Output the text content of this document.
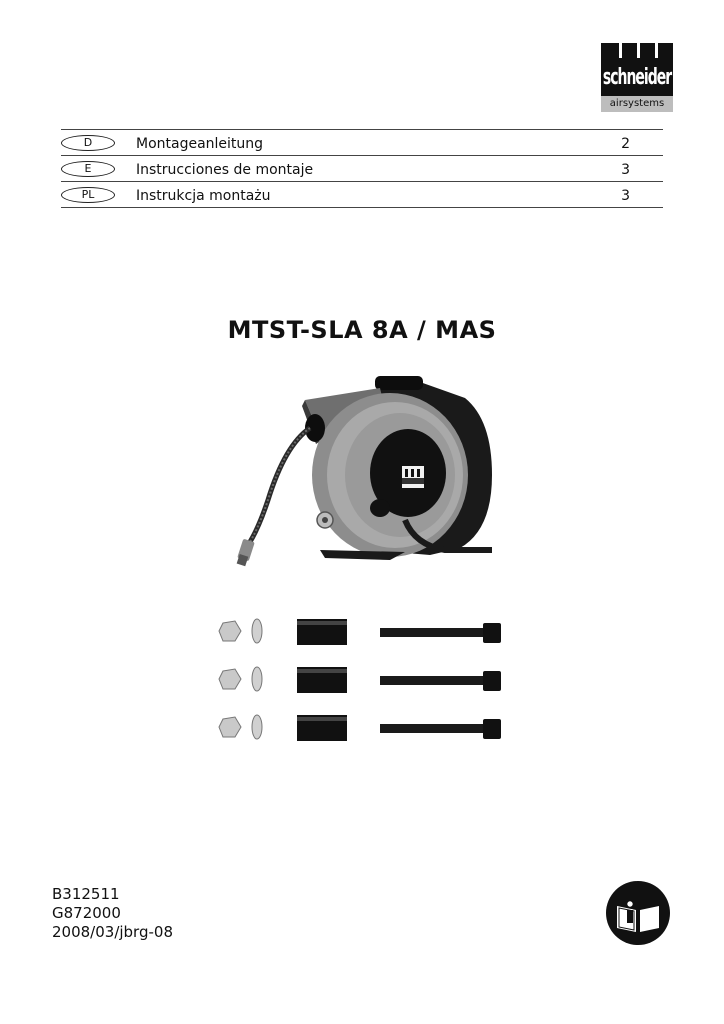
schneider
airsystems
D	Montageanleitung	2
E	Instrucciones de montaje	3
PL	Instrukcja montażu	3
MTST-SLA 8A / MAS
B312511
G872000
2008/03/jbrg-08
